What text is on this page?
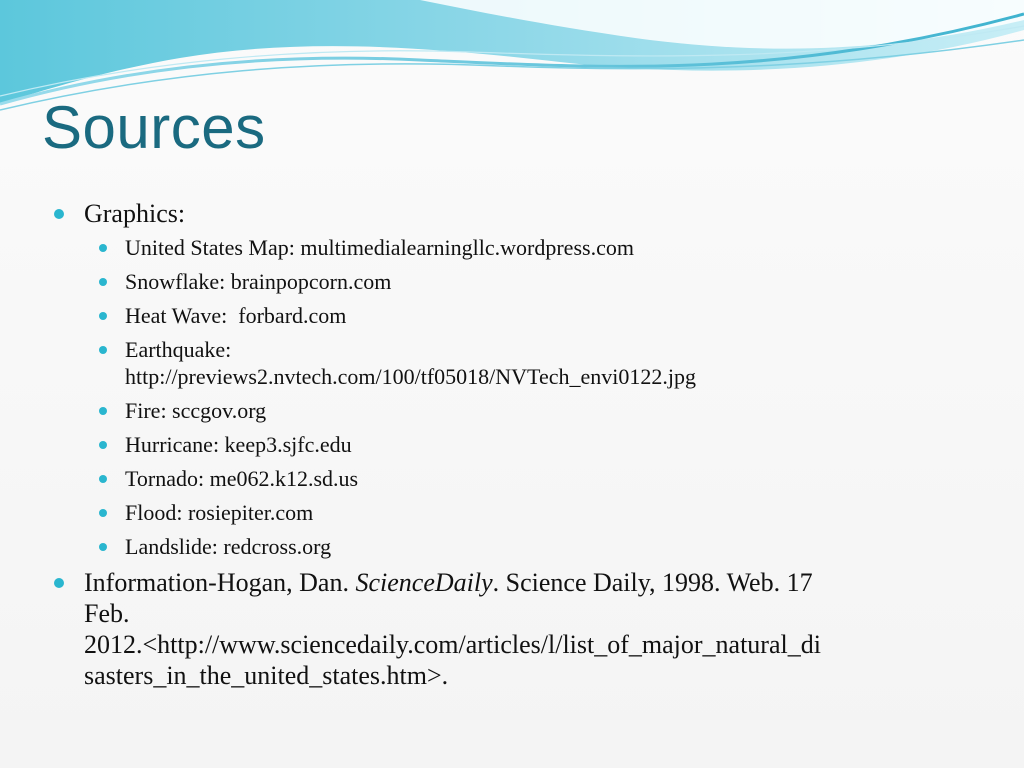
Sources
Graphics:
United States Map: multimedialearningllc.wordpress.com
Snowflake: brainpopcorn.com
Heat Wave:  forbard.com
Earthquake:
http://previews2.nvtech.com/100/tf05018/NVTech_envi0122.jpg
Fire: sccgov.org
Hurricane: keep3.sjfc.edu
Tornado: me062.k12.sd.us
Flood: rosiepiter.com
Landslide: redcross.org
Information-Hogan, Dan. ScienceDaily. Science Daily, 1998. Web. 17
Feb.
2012.<http://www.sciencedaily.com/articles/l/list_of_major_natural_di
sasters_in_the_united_states.htm>.
